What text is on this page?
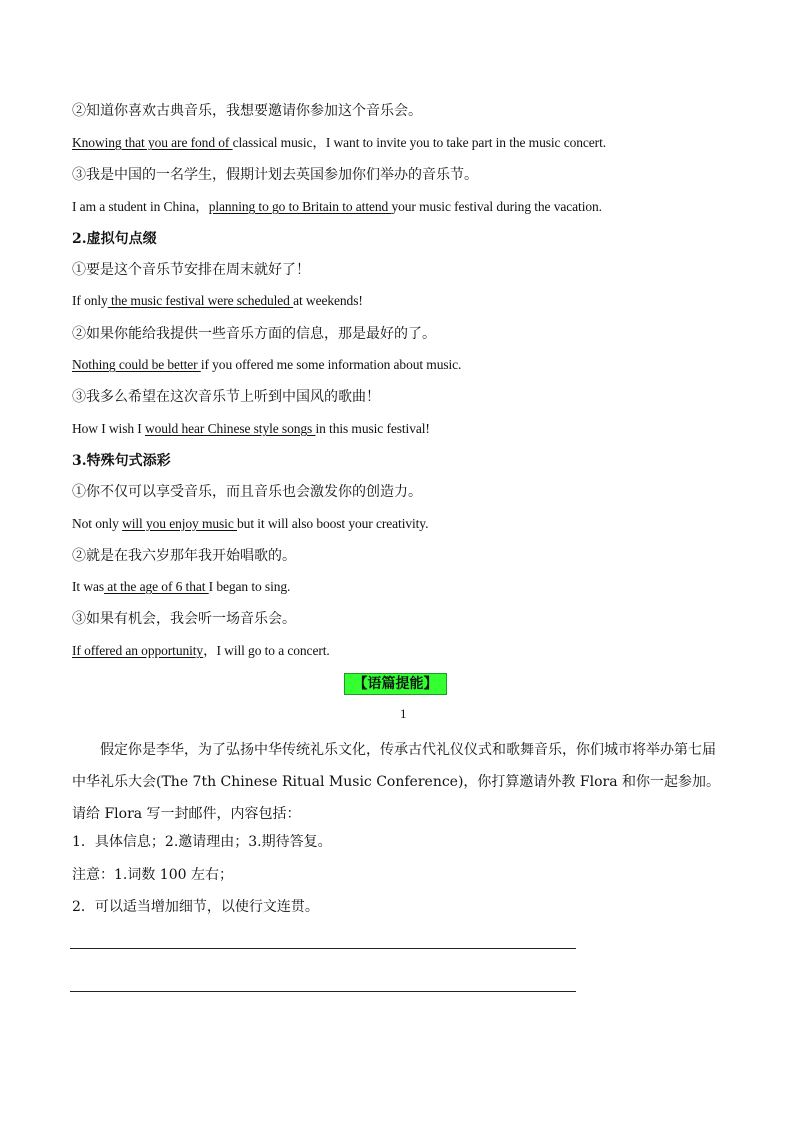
②知道你喜欢古典音乐，我想要邀请你参加这个音乐会。
Knowing that you are fond of classical music，I want to invite you to take part in the music concert.
③我是中国的一名学生，假期计划去英国参加你们举办的音乐节。
I am a student in China，planning to go to Britain to attend your music festival during the vacation.
2.虚拟句点缀
①要是这个音乐节安排在周末就好了！
If only the music festival were scheduled at weekends!
②如果你能给我提供一些音乐方面的信息，那是最好的了。
Nothing could be better if you offered me some information about music.
③我多么希望在这次音乐节上听到中国风的歌曲！
How I wish I would hear Chinese style songs in this music festival!
3.特殊句式添彩
①你不仅可以享受音乐，而且音乐也会激发你的创造力。
Not only will you enjoy music but it will also boost your creativity.
②就是在我六岁那年我开始唱歌的。
It was at the age of 6 that I began to sing.
③如果有机会，我会听一场音乐会。
If offered an opportunity，I will go to a concert.
【语篇提能】
1
假定你是李华，为了弘扬中华传统礼乐文化，传承古代礼仪仪式和歌舞音乐，你们城市将举办第七届中华礼乐大会(The 7th Chinese Ritual Music Conference)，你打算邀请外教 Flora 和你一起参加。请给 Flora 写一封邮件，内容包括：
1．具体信息；2.邀请理由；3.期待答复。
注意：1.词数 100 左右；
2．可以适当增加细节，以使行文连贯。
